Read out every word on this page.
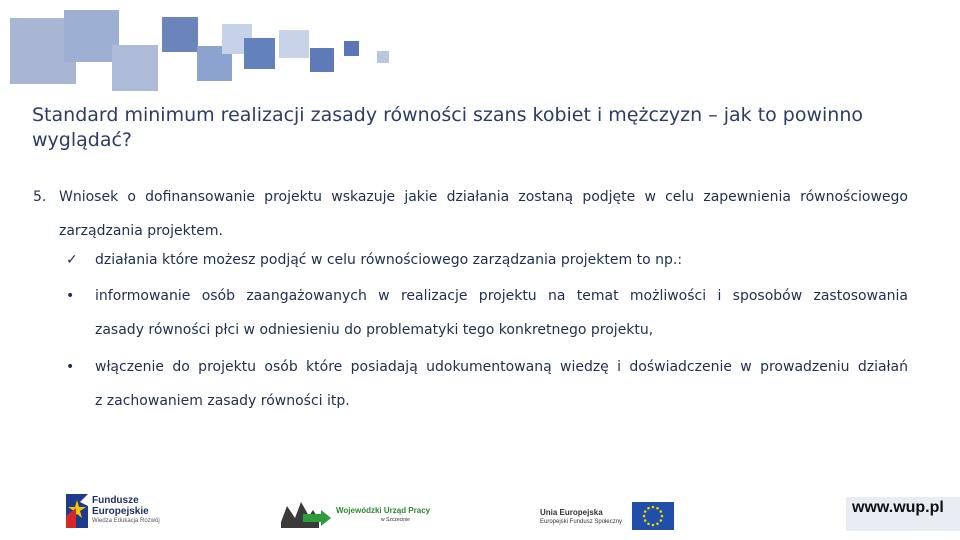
Standard minimum realizacji zasady równości szans kobiet i mężczyzn – jak to powinno wyglądać?
5. Wniosek o dofinansowanie projektu wskazuje jakie działania zostaną podjęte w celu zapewnienia równościowego
zarządzania projektem.
✓	działania które możesz podjąć w celu równościowego zarządzania projektem to np.:
•	informowanie osób zaangażowanych w realizacje projektu na temat możliwości i sposobów zastosowania
zasady równości płci w odniesieniu do problematyki tego konkretnego projektu,
•	włączenie do projektu osób które posiadają udokumentowaną wiedzę i doświadczenie w prowadzeniu działań
z zachowaniem zasady równości itp.
Fundusze Europejskie
Wiedza Edukacja Rozwój
Wojewódzki Urząd Pracy
w Szczecinie
Unia Europejska
Europejski Fundusz Społeczny
www.wup.pl
